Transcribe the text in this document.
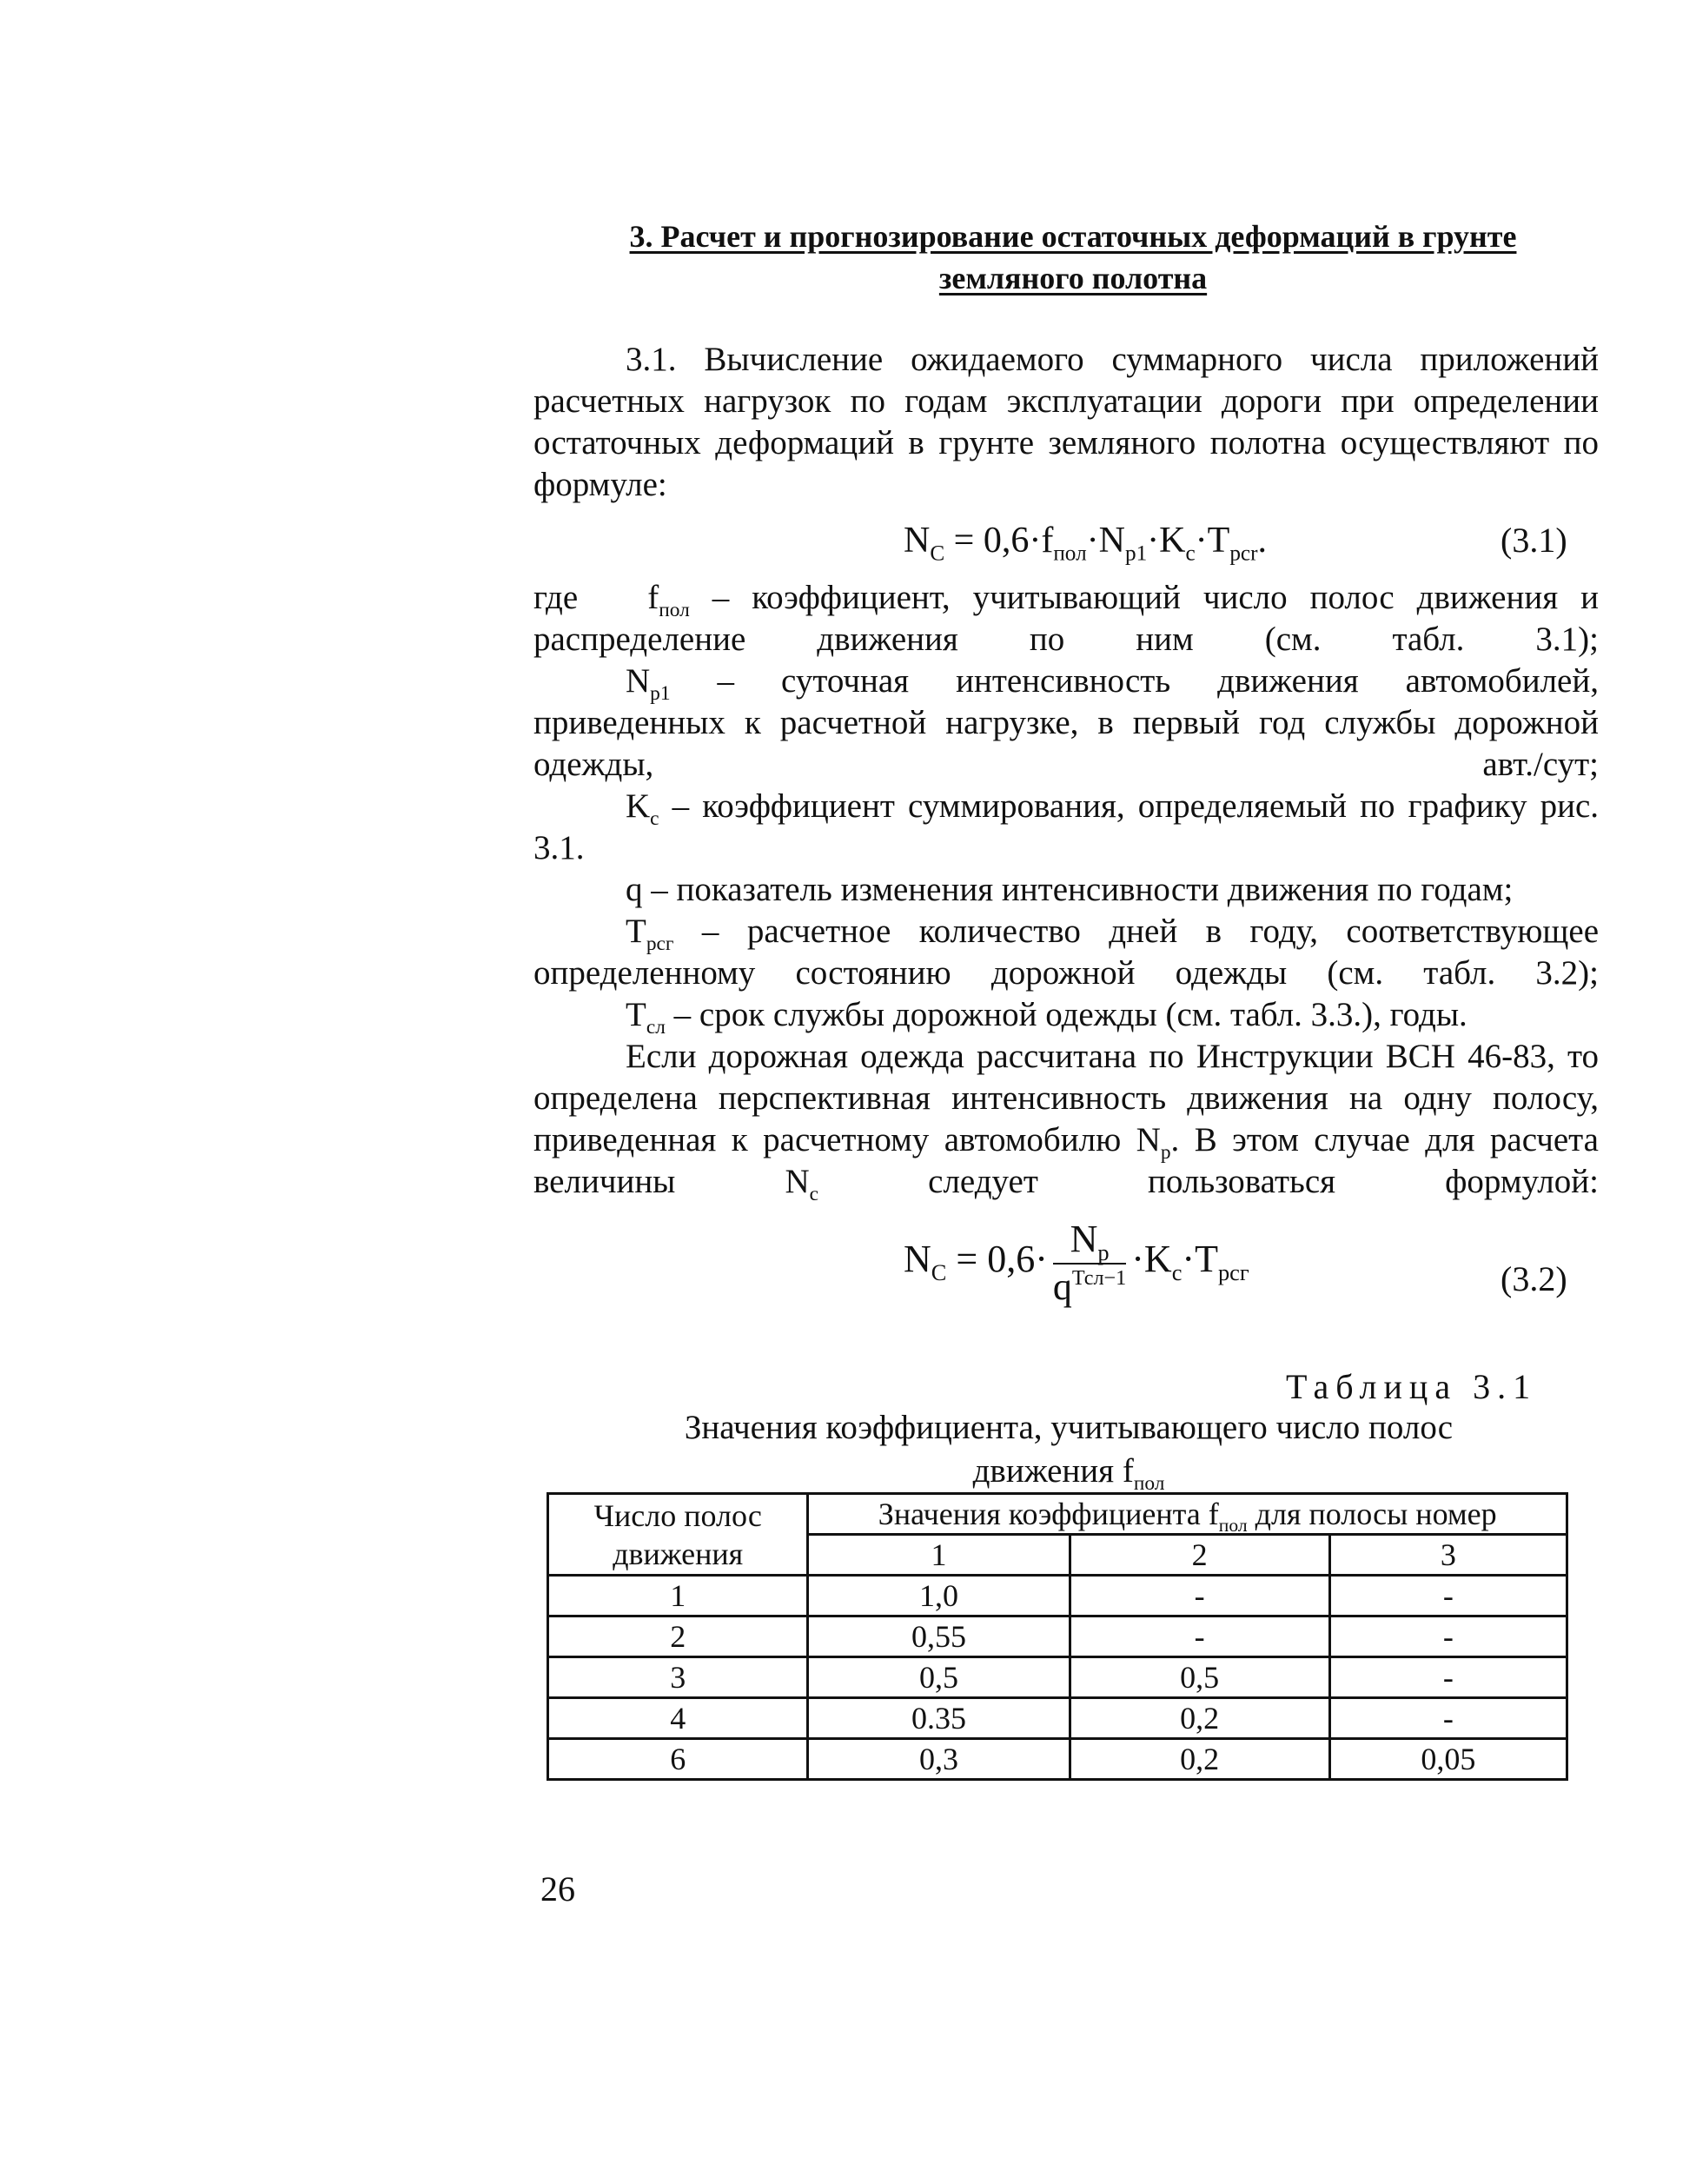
3. Расчет и прогнозирование остаточных деформаций в грунте
земляного полотна
3.1. Вычисление ожидаемого суммарного числа приложений расчетных нагрузок по годам эксплуатации дороги при определении остаточных деформаций в грунте земляного полотна осуществляют по формуле:
$N_C = 0,6\cdot f_{пол}\cdot N_{p1}\cdot K_c\cdot T_{pcr}$.	(3.1)

где $f_{пол}$ – коэффициент, учитывающий число полос движения и распределение движения по ним (см. табл. 3.1);

$N_{p1}$ – суточная интенсивность движения автомобилей, приведенных к расчетной нагрузке, в первый год службы дорожной одежды, авт./сут;

$K_c$ – коэффициент суммирования, определяемый по графику рис. 3.1.

q – показатель изменения интенсивности движения по годам;

$T_{рсг}$ – расчетное количество дней в году, соответствующее определенному состоянию дорожной одежды (см. табл. 3.2);

$T_{сл}$ – срок службы дорожной одежды (см. табл. 3.3.), годы.

Если дорожная одежда рассчитана по Инструкции ВСН 46-83, то определена перспективная интенсивность движения на одну полосу, приведенная к расчетному автомобилю $N_р$. В этом случае для расчета величины $N_с$ следует пользоваться формулой:

$N_C = 0,6\cdot \frac{N_p}{q^{Тсл-1}} \cdot K_c\cdot T_{рсг}$	(3.2)
Таблица 3.1
Значения коэффициента, учитывающего число полос
движения $f_{пол}$
Число полос движения	Значения коэффициента $f_{пол}$ для полосы номер		
	1	2	3
1	1,0	-	-
2	0,55	-	-
3	0,5	0,5	-
4	0.35	0,2	-
6	0,3	0,2	0,05
26
